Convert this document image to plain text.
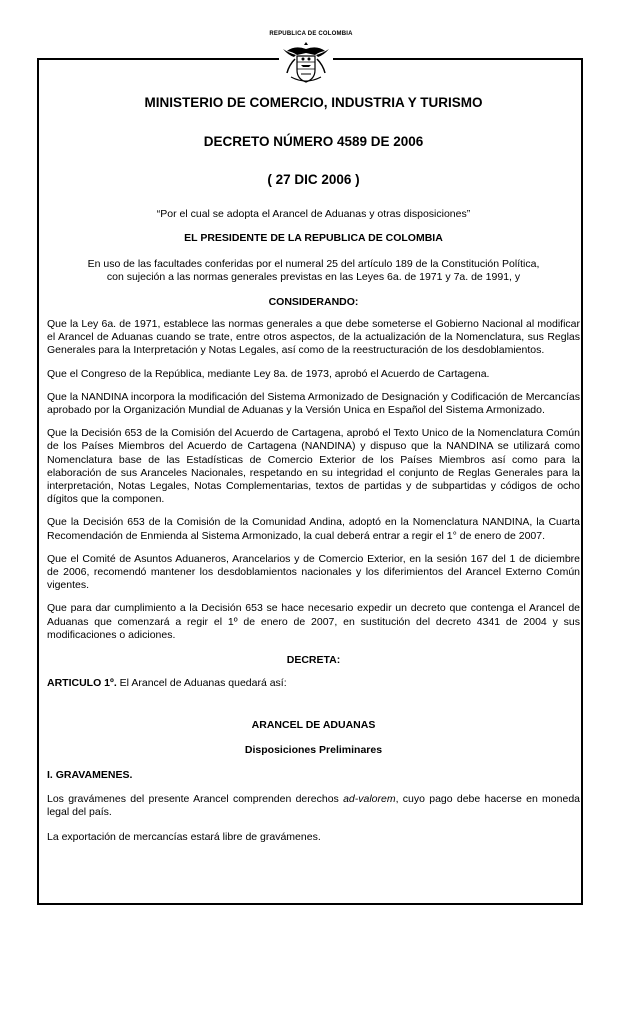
REPUBLICA DE COLOMBIA
MINISTERIO DE COMERCIO, INDUSTRIA Y TURISMO
DECRETO NÚMERO 4589 DE 2006
( 27 DIC 2006 )
“Por el cual se adopta el Arancel de Aduanas y otras disposiciones”
EL PRESIDENTE DE LA REPUBLICA DE COLOMBIA
En uso de las facultades conferidas por el numeral 25 del artículo 189 de la Constitución Política,
con sujeción a las normas generales previstas en las Leyes 6a. de 1971 y 7a. de 1991, y
CONSIDERANDO:
Que la Ley 6a. de 1971, establece las normas generales a que debe someterse el Gobierno Nacional al modificar el Arancel de Aduanas cuando se trate, entre otros aspectos, de la actualización de la Nomenclatura, sus Reglas Generales para la Interpretación y Notas Legales, así como de la reestructuración de los desdoblamientos.
Que el Congreso de la República, mediante Ley 8a. de 1973, aprobó el Acuerdo de Cartagena.
Que la NANDINA incorpora la modificación del Sistema Armonizado de Designación y Codificación de Mercancías aprobado por la Organización Mundial de Aduanas y la Versión Unica en Español del Sistema Armonizado.
Que la Decisión 653 de la Comisión del Acuerdo de Cartagena, aprobó el Texto Unico de la Nomenclatura Común de los Países Miembros del Acuerdo de Cartagena (NANDINA) y dispuso que la NANDINA se utilizará como Nomenclatura base de las Estadísticas de Comercio Exterior de los Países Miembros así como para la elaboración de sus Aranceles Nacionales, respetando en su integridad el conjunto de Reglas Generales para la interpretación, Notas Legales, Notas Complementarias, textos de partidas y de subpartidas y códigos de ocho dígitos que la componen.
Que la Decisión 653 de la Comisión de la Comunidad Andina, adoptó en la Nomenclatura NANDINA, la Cuarta Recomendación de Enmienda al Sistema Armonizado, la cual deberá entrar a regir el 1° de enero de 2007.
Que el Comité de Asuntos Aduaneros, Arancelarios y de Comercio Exterior, en la sesión 167 del 1 de diciembre de 2006, recomendó mantener los desdoblamientos nacionales y los diferimientos del Arancel Externo Común vigentes.
Que para dar cumplimiento a la Decisión 653 se hace necesario expedir un decreto que contenga el Arancel de Aduanas que comenzará a regir el 1º de enero de 2007, en sustitución del decreto 4341 de 2004 y sus modificaciones o adiciones.
DECRETA:
ARTICULO 1º. El Arancel de Aduanas quedará así:
ARANCEL DE ADUANAS
Disposiciones Preliminares
I. GRAVAMENES.
Los gravámenes del presente Arancel comprenden derechos ad-valorem, cuyo pago debe hacerse en moneda legal del país.
La exportación de mercancías estará libre de gravámenes.
